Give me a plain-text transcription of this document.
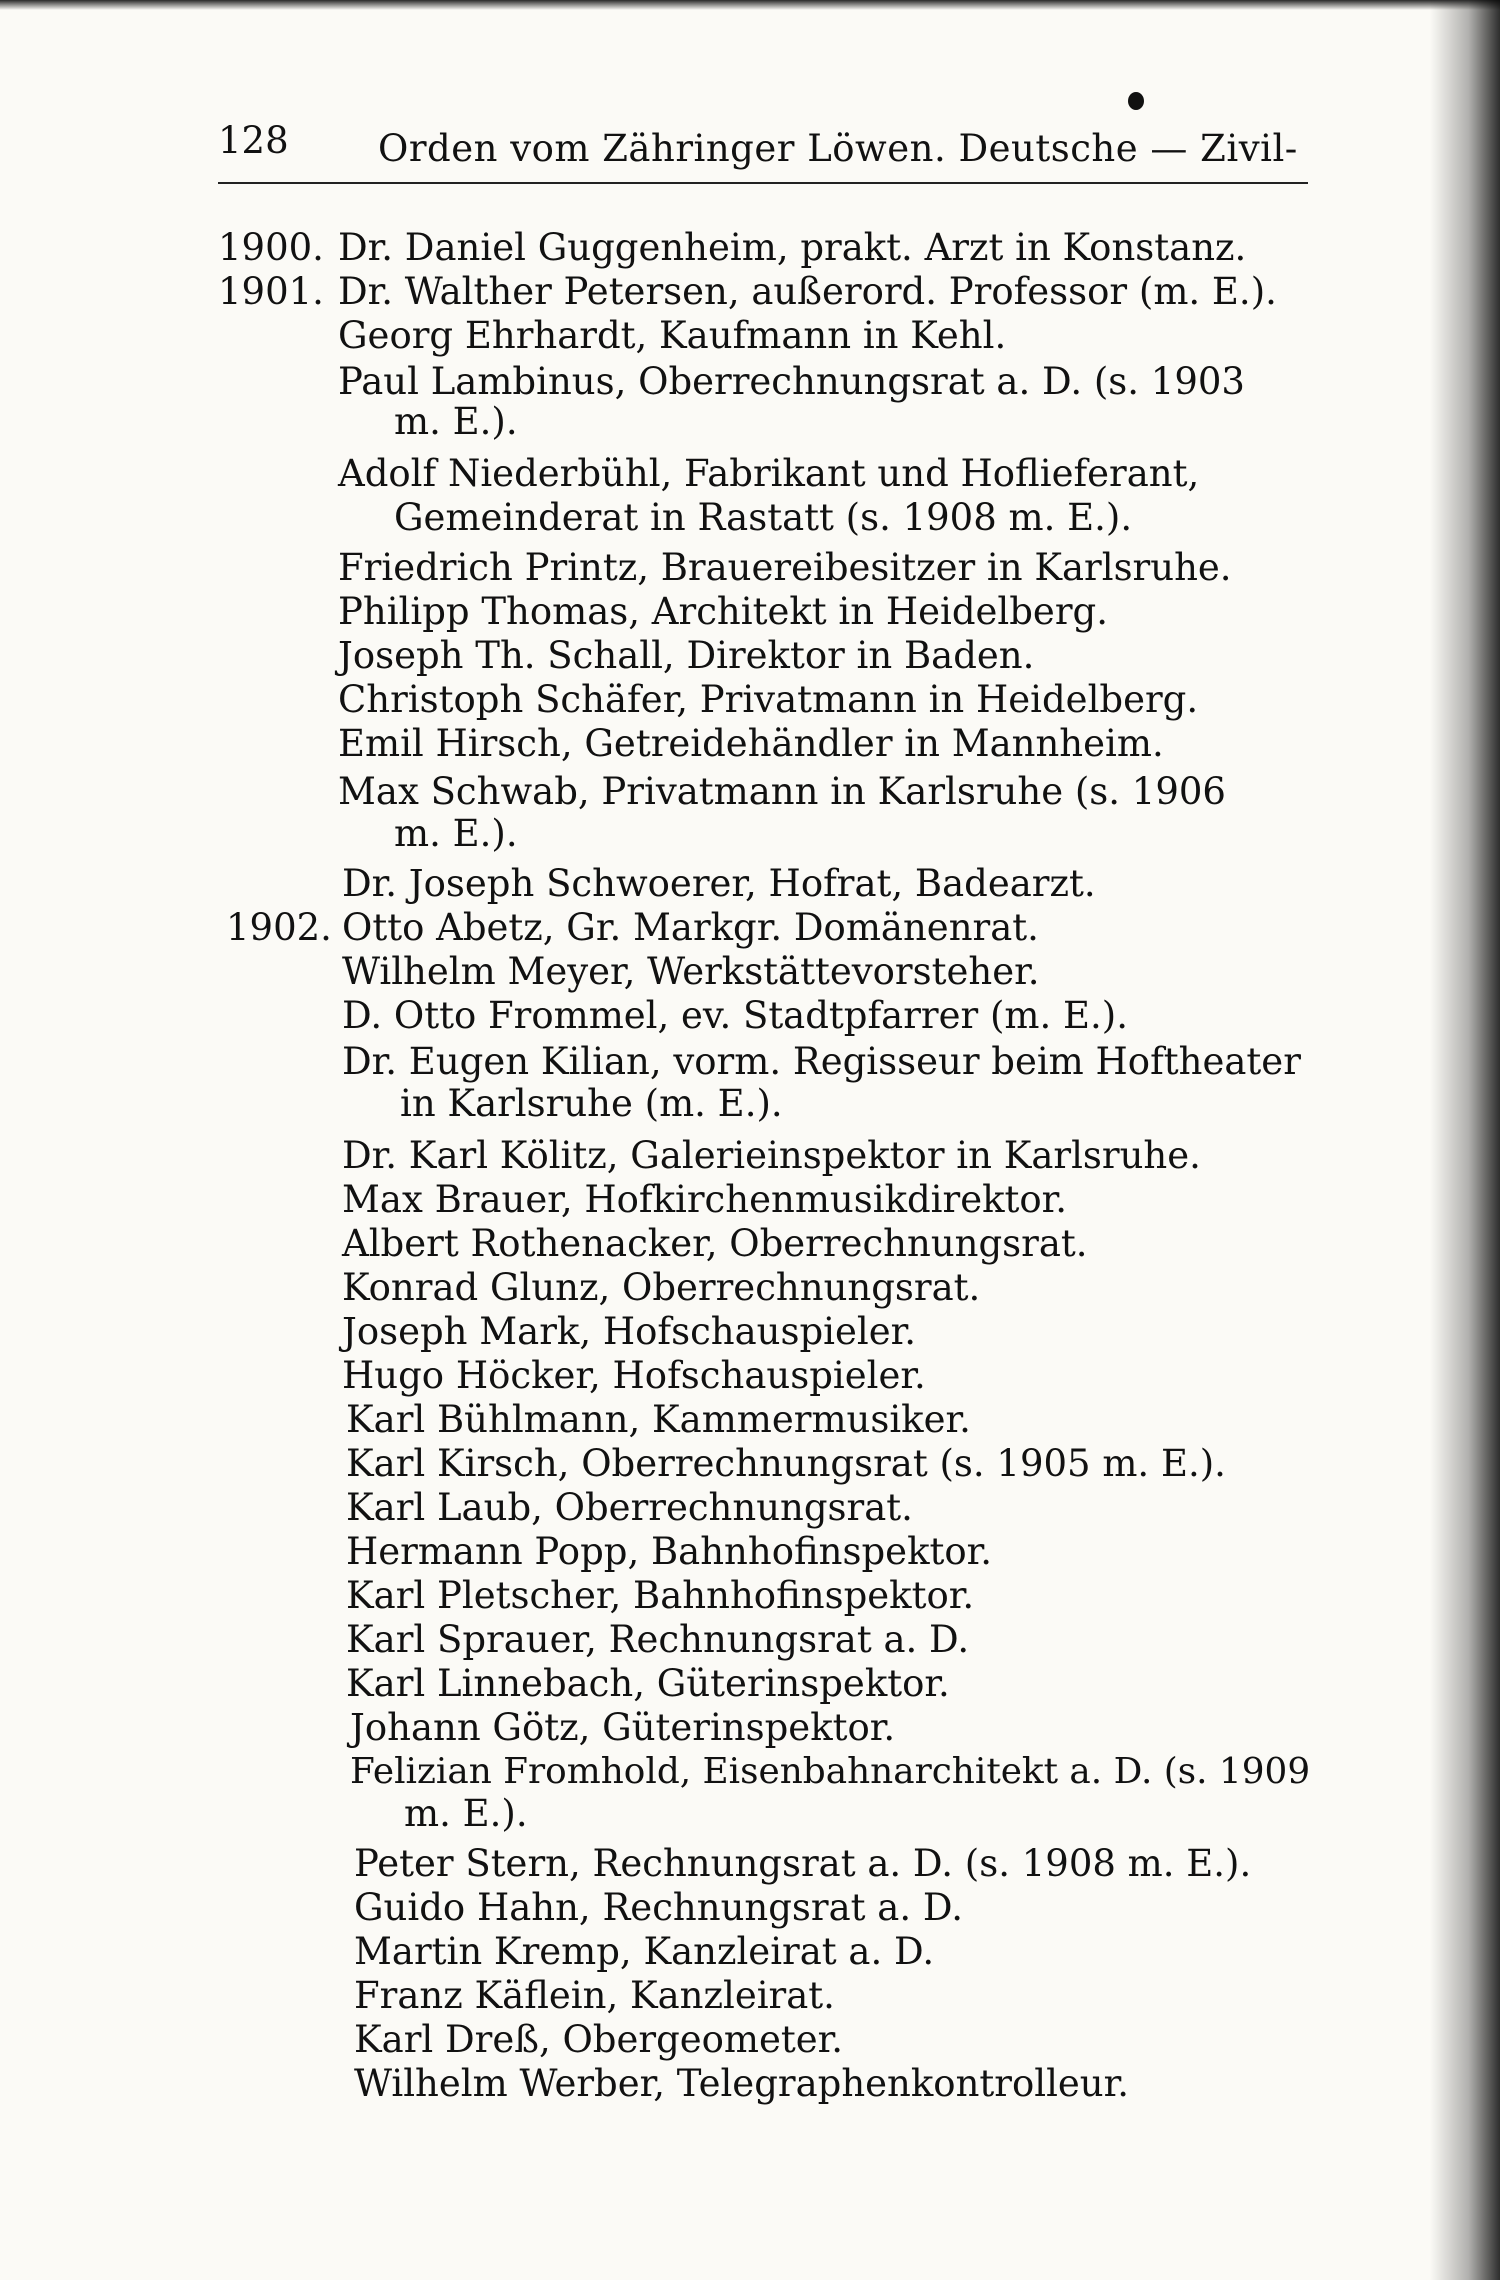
128 Orden vom Zähringer Löwen. Deutsche — Zivil-
1900.
1901.
1902.
Dr. Daniel Guggenheim, prakt. Arzt in Konstanz.
Dr. Walther Petersen, außerord. Professor (m. E.).
Georg Ehrhardt, Kaufmann in Kehl.
Paul Lambinus, Oberrechnungsrat a. D. (s. 1903
m. E.).
Adolf Niederbühl, Fabrikant und Hoflieferant,
Gemeinderat in Rastatt (s. 1908 m. E.).
Friedrich Printz, Brauereibesitzer in Karlsruhe.
Philipp Thomas, Architekt in Heidelberg.
Joseph Th. Schall, Direktor in Baden.
Christoph Schäfer, Privatmann in Heidelberg.
Emil Hirsch, Getreidehändler in Mannheim.
Max Schwab, Privatmann in Karlsruhe (s. 1906
m. E.).
Dr. Joseph Schwoerer, Hofrat, Badearzt.
Otto Abetz, Gr. Markgr. Domänenrat.
Wilhelm Meyer, Werkstättevorsteher.
D. Otto Frommel, ev. Stadtpfarrer (m. E.).
Dr. Eugen Kilian, vorm. Regisseur beim Hoftheater
in Karlsruhe (m. E.).
Dr. Karl Kölitz, Galerieinspektor in Karlsruhe.
Max Brauer, Hofkirchenmusikdirektor.
Albert Rothenacker, Oberrechnungsrat.
Konrad Glunz, Oberrechnungsrat.
Joseph Mark, Hofschauspieler.
Hugo Höcker, Hofschauspieler.
Karl Bühlmann, Kammermusiker.
Karl Kirsch, Oberrechnungsrat (s. 1905 m. E.).
Karl Laub, Oberrechnungsrat.
Hermann Popp, Bahnhofinspektor.
Karl Pletscher, Bahnhofinspektor.
Karl Sprauer, Rechnungsrat a. D.
Karl Linnebach, Güterinspektor.
Johann Götz, Güterinspektor.
Felizian Fromhold, Eisenbahnarchitekt a. D. (s. 1909
m. E.).
Peter Stern, Rechnungsrat a. D. (s. 1908 m. E.).
Guido Hahn, Rechnungsrat a. D.
Martin Kremp, Kanzleirat a. D.
Franz Käflein, Kanzleirat.
Karl Dreß, Obergeometer.
Wilhelm Werber, Telegraphenkontrolleur.
